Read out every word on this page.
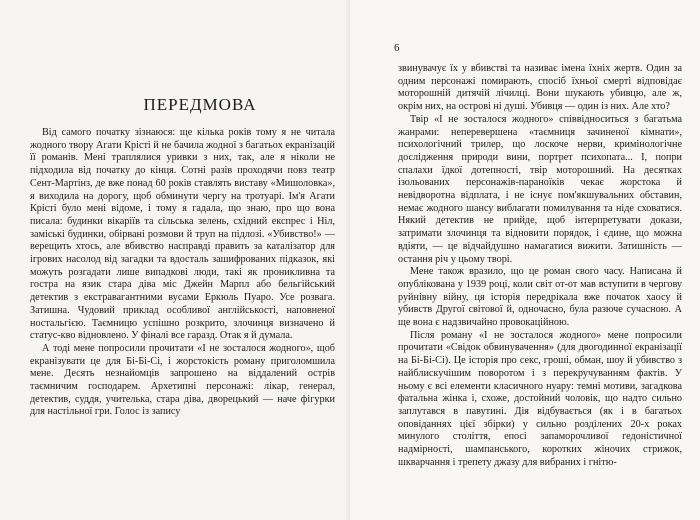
ПЕРЕДМОВА

Від самого початку зізнаюся: ще кілька років тому я не читала жодного твору Агати Крісті й не бачила жодної з багатьох екранізацій її романів. Мені траплялися уривки з них, так, але я ніколи не підходила від початку до кінця. Сотні разів проходячи повз театр Сент-Мартінз, де вже понад 60 років ставлять виставу «Мишоловка», я виходила на дорогу, щоб обминути чергу на тротуарі. Ім'я Агати Крісті було мені відоме, і тому я гадала, що знаю, про що вона писала: будинки вікаріїв та сільська зелень, східний експрес і Ніл, заміські будинки, обірвані розмови й труп на підлозі. «Убивство!» — верещить хтось, але вбивство насправді править за каталізатор для ігрових насолод від загадки та вдосталь зашифрованих підказок, які можуть розгадати лише випадкові люди, такі як проникливна та гостра на язик стара діва міс Джейн Марпл або бельгійський детектив з екстравагантними вусами Еркюль Пуаро. Усе розвага. Затишна. Чудовий приклад особливої англійськості, наповненої ностальгією. Таємницю успішно розкрито, злочинця визначено й статус-кво відновлено. У фіналі все гаразд. Отак я й думала.

А тоді мене попросили прочитати «І не зосталося жодного», щоб екранізувати це для Бі-Бі-Сі, і жорстокість роману приголомшила мене. Десять незнайомців запрошено на віддалений острів таємничим господарем. Архетипні персонажі: лікар, генерал, детектив, суддя, учителька, стара діва, дворецький — наче фігурки для настільної гри. Голос із запису

6

звинувачує їх у вбивстві та називає імена їхніх жертв. Один за одним персонажі помирають, спосіб їхньої смерті відповідає моторошній дитячій лічилці. Вони шукають убивцю, але ж, окрім них, на острові ні душі. Убивця — один із них. Але хто?

Твір «І не зосталося жодного» співвідноситься з багатьма жанрами: неперевершена «таємниця зачиненої кімнати», психологічний трилер, що лоскоче нерви, кримінологічне дослідження природи вини, портрет психопата... І, попри спалахи їдкої дотепності, твір моторошний. На десятках ізольованих персонажів-параноїків чекає жорстока й невідворотна відплата, і не існує пом'якшувальних обставин, немає жодного шансу виблагати помилування та ніде сховатися. Някий детектив не прийде, щоб інтерпретувати докази, затримати злочинця та відновити порядок, і єдине, що можна вдіяти, — це відчайдушно намагатися вижити. Затишність — остання річ у цьому творі.

Мене також вразило, що це роман свого часу. Написана й опублікована у 1939 році, коли світ от-от мав вступити в чергову руйнівну війну, ця історія передрікала вже початок хаосу й убивств Другої світової й, одночасно, була разюче сучасною. А ще вона є надзвичайно провокаційною.

Після роману «І не зосталося жодного» мене попросили прочитати «Свідок обвинувачення» (для двогодинної екранізації на Бі-Бі-Сі). Це історія про секс, гроші, обман, шоу й убивство з найблискучішим поворотом і з перекручуванням фактів. У ньому є всі елементи класичного нуару: темні мотиви, загадкова фатальна жінка і, схоже, достойний чоловік, що надто сильно заплутався в павутині. Дія відбувається (як і в багатьох оповіданнях цієї збірки) у сильно розділених 20-х роках минулого століття, епосі запаморочливої гедоністичної надмірності, шампанського, коротких жіночих стрижок, шкварчання і трепету джазу для вибраних і гнітю-
